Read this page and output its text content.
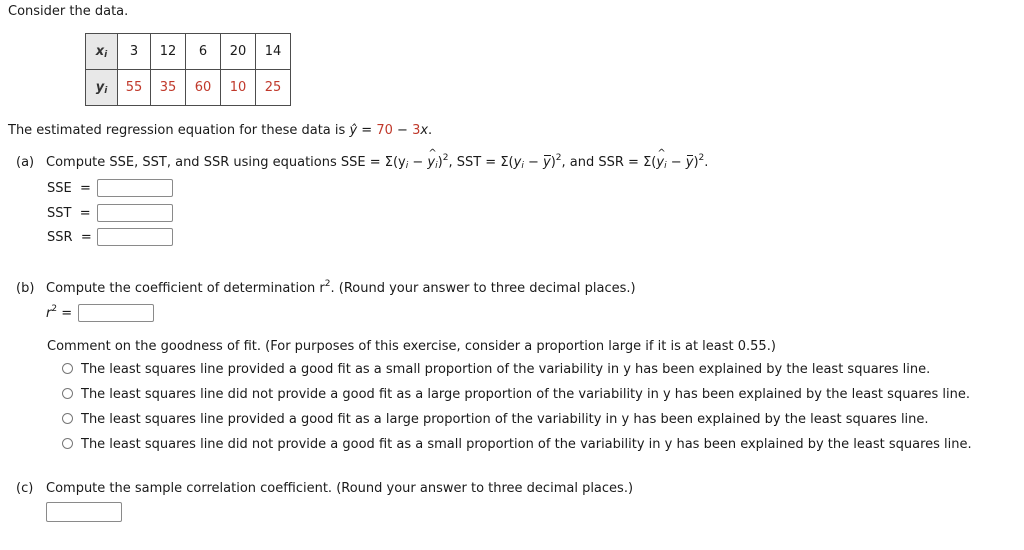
Consider the data.
$x_i$	3	12	6	20	14
$y_i$	55	35	60	10	25
The estimated regression equation for these data is ŷ = 70 − 3x.
(a) Compute SSE, SST, and SSR using equations SSE = $\Sigma(y_i$ − ^ $y_i)^2$, SST = $\Sigma(y_i - y)^2$, and SSR = Σ(^ $y_i - y)^2$.
SSE =
SST =
SSR =
(b) Compute the coefficient of determination $r^2$. (Round your answer to three decimal places.)
$r^2$ =
Comment on the goodness of fit. (For purposes of this exercise, consider a proportion large if it is at least 0.55.)
The least squares line provided a good fit as a small proportion of the variability in y has been explained by the least squares line.
The least squares line did not provide a good fit as a large proportion of the variability in y has been explained by the least squares line.
The least squares line provided a good fit as a large proportion of the variability in y has been explained by the least squares line.
The least squares line did not provide a good fit as a small proportion of the variability in y has been explained by the least squares line.
(c) Compute the sample correlation coefficient. (Round your answer to three decimal places.)
